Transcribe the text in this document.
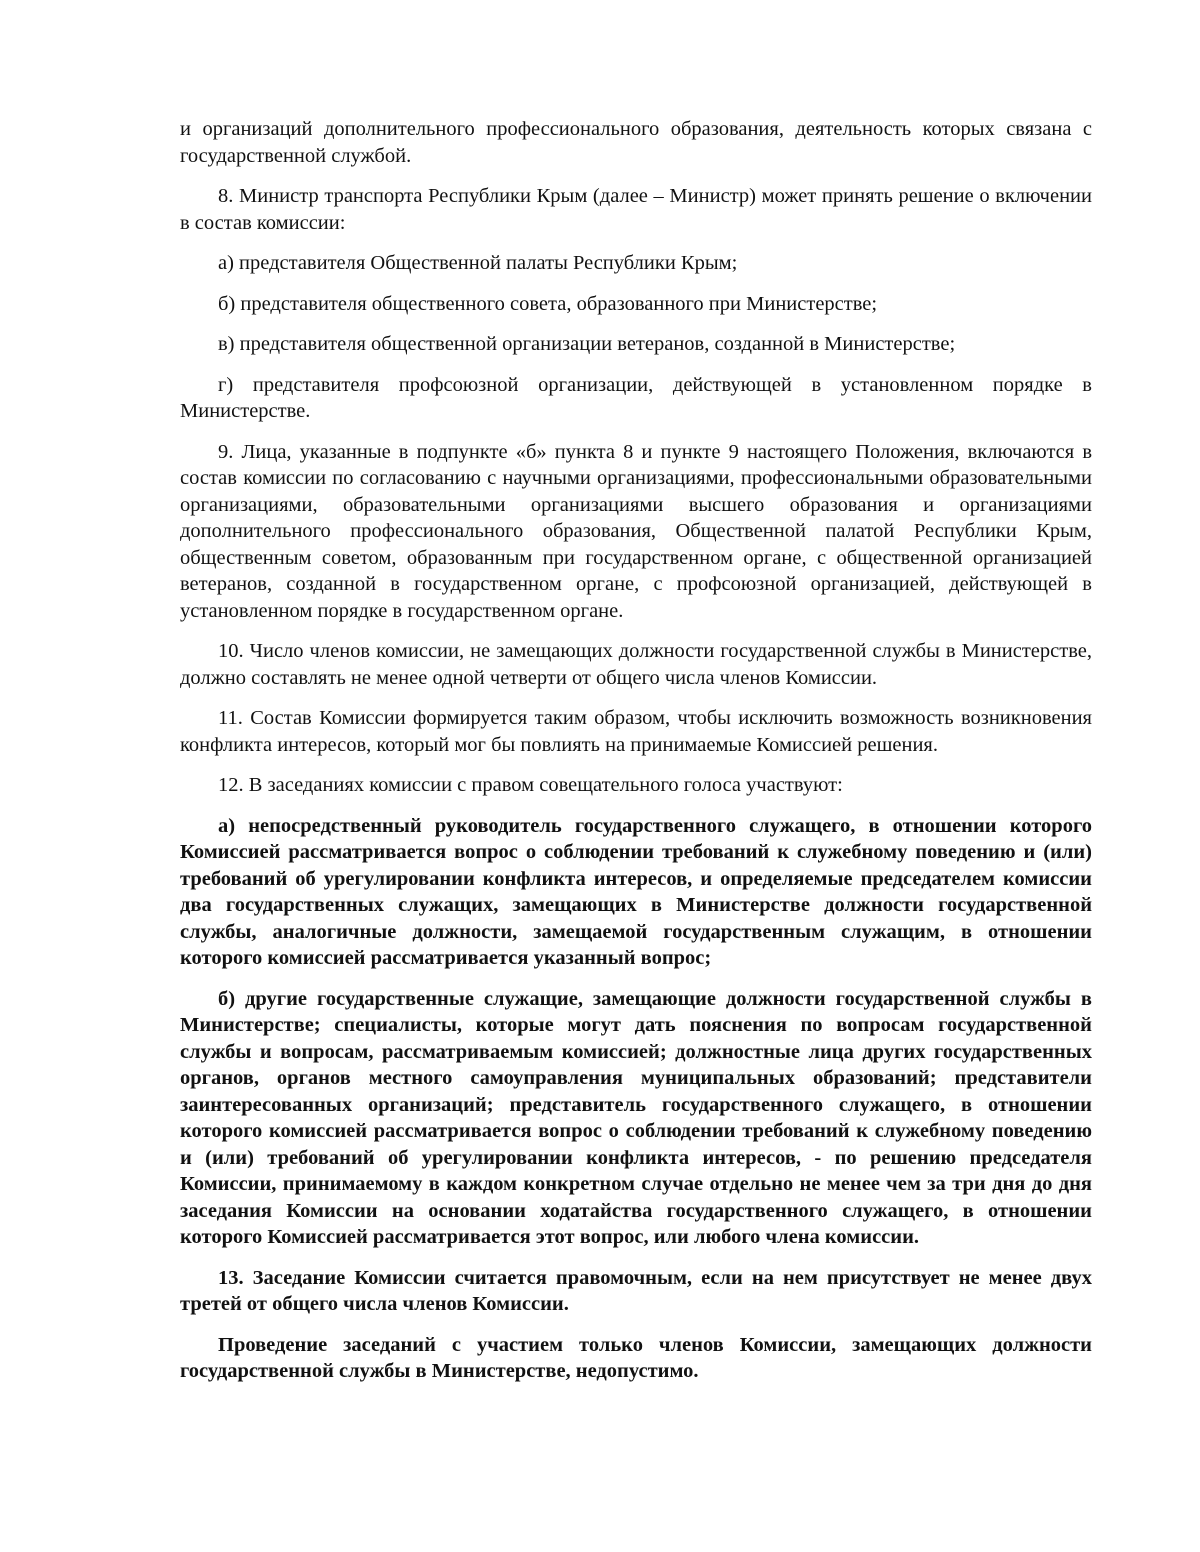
и организаций дополнительного профессионального образования, деятельность которых связана с государственной службой.

8. Министр транспорта Республики Крым (далее – Министр) может принять решение о включении в состав комиссии:

а) представителя Общественной палаты Республики Крым;

б) представителя общественного совета, образованного при Министерстве;

в) представителя общественной организации ветеранов, созданной в Министерстве;

г) представителя профсоюзной организации, действующей в установленном порядке в Министерстве.

9. Лица, указанные в подпункте «б» пункта 8 и пункте 9 настоящего Положения, включаются в состав комиссии по согласованию с научными организациями, профессиональными образовательными организациями, образовательными организациями высшего образования и организациями дополнительного профессионального образования, Общественной палатой Республики Крым, общественным советом, образованным при государственном органе, с общественной организацией ветеранов, созданной в государственном органе, с профсоюзной организацией, действующей в установленном порядке в государственном органе.

10. Число членов комиссии, не замещающих должности государственной службы в Министерстве, должно составлять не менее одной четверти от общего числа членов Комиссии.

11. Состав Комиссии формируется таким образом, чтобы исключить возможность возникновения конфликта интересов, который мог бы повлиять на принимаемые Комиссией решения.

12. В заседаниях комиссии с правом совещательного голоса участвуют:

а) непосредственный руководитель государственного служащего, в отношении которого Комиссией рассматривается вопрос о соблюдении требований к служебному поведению и (или) требований об урегулировании конфликта интересов, и определяемые председателем комиссии два государственных служащих, замещающих в Министерстве должности государственной службы, аналогичные должности, замещаемой государственным служащим, в отношении которого комиссией рассматривается указанный вопрос;

б) другие государственные служащие, замещающие должности государственной службы в Министерстве; специалисты, которые могут дать пояснения по вопросам государственной службы и вопросам, рассматриваемым комиссией; должностные лица других государственных органов, органов местного самоуправления муниципальных образований; представители заинтересованных организаций; представитель государственного служащего, в отношении которого комиссией рассматривается вопрос о соблюдении требований к служебному поведению и (или) требований об урегулировании конфликта интересов, - по решению председателя Комиссии, принимаемому в каждом конкретном случае отдельно не менее чем за три дня до дня заседания Комиссии на основании ходатайства государственного служащего, в отношении которого Комиссией рассматривается этот вопрос, или любого члена комиссии.

13. Заседание Комиссии считается правомочным, если на нем присутствует не менее двух третей от общего числа членов Комиссии.

Проведение заседаний с участием только членов Комиссии, замещающих должности государственной службы в Министерстве, недопустимо.
